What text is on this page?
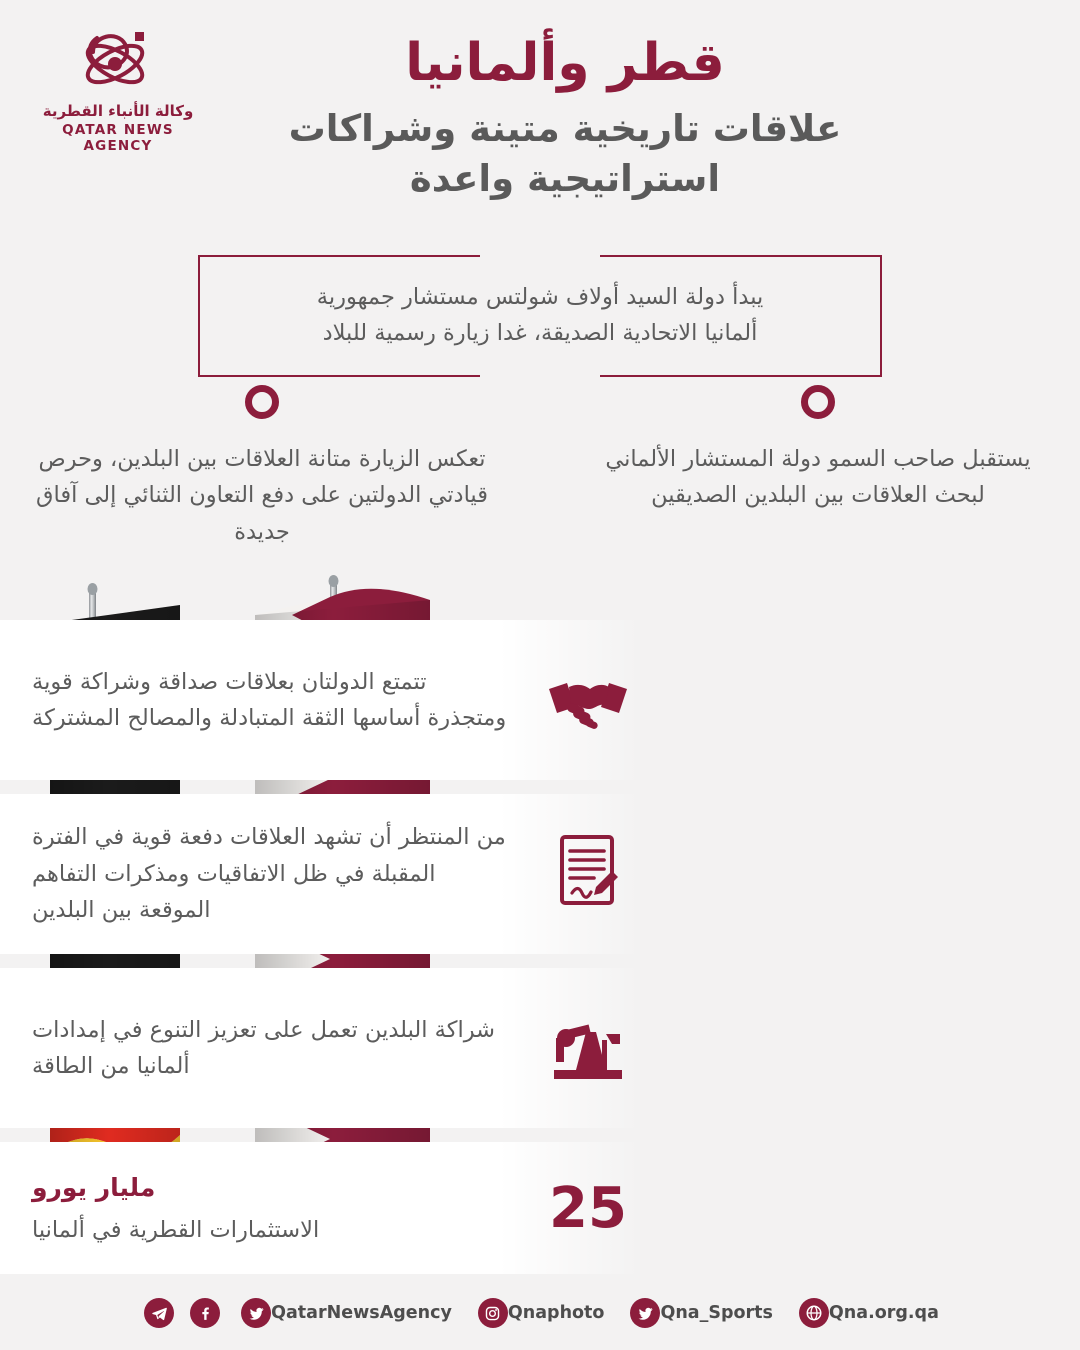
وكالة الأنباء القطرية
QATAR NEWS AGENCY
قطر وألمانيا
علاقات تاريخية متينة وشراكات
استراتيجية واعدة
يبدأ دولة السيد أولاف شولتس مستشار جمهورية
ألمانيا الاتحادية الصديقة، غدا زيارة رسمية للبلاد
يستقبل صاحب السمو دولة المستشار الألماني لبحث العلاقات بين البلدين الصديقين
تعكس الزيارة متانة العلاقات بين البلدين، وحرص قيادتي الدولتين على دفع التعاون الثنائي إلى آفاق جديدة
تتمتع الدولتان بعلاقات صداقة وشراكة قوية ومتجذرة أساسها الثقة المتبادلة والمصالح المشتركة
من المنتظر أن تشهد العلاقات دفعة قوية في الفترة المقبلة في ظل الاتفاقيات ومذكرات التفاهم الموقعة بين البلدين
شراكة البلدين تعمل على تعزيز التنوع في إمدادات ألمانيا من الطاقة
25
مليار يورو
الاستثمارات القطرية في ألمانيا
QatarNewsAgency	Qnaphoto	Qna_Sports	Qna.org.qa
